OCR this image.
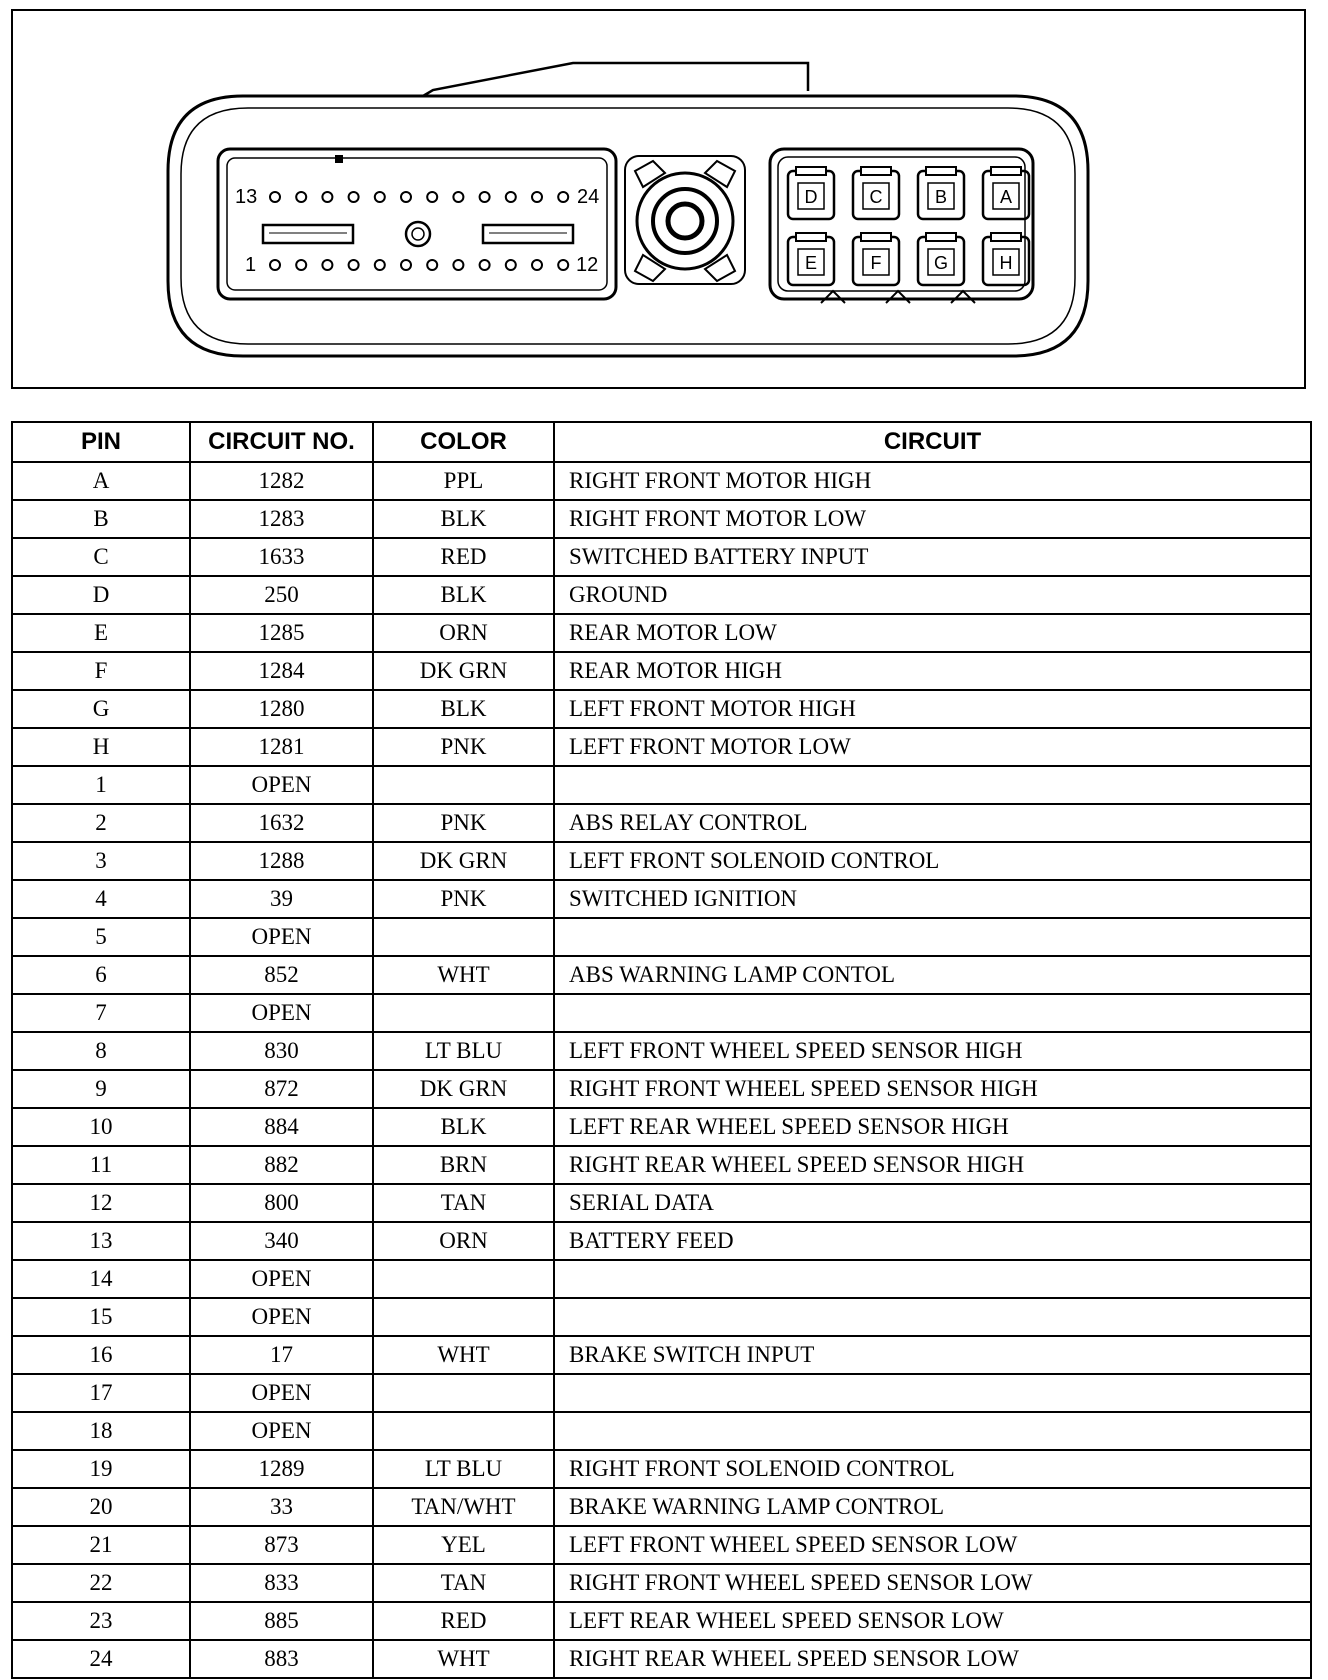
13	24
1	12
D	C	B	A
E	F	G	H
PIN	CIRCUIT NO.	COLOR	CIRCUIT
A	1282	PPL	RIGHT FRONT MOTOR HIGH
B	1283	BLK	RIGHT FRONT MOTOR LOW
C	1633	RED	SWITCHED BATTERY INPUT
D	250	BLK	GROUND
E	1285	ORN	REAR MOTOR LOW
F	1284	DK GRN	REAR MOTOR HIGH
G	1280	BLK	LEFT FRONT MOTOR HIGH
H	1281	PNK	LEFT FRONT MOTOR LOW
1	OPEN		
2	1632	PNK	ABS RELAY CONTROL
3	1288	DK GRN	LEFT FRONT SOLENOID CONTROL
4	39	PNK	SWITCHED IGNITION
5	OPEN		
6	852	WHT	ABS WARNING LAMP CONTOL
7	OPEN		
8	830	LT BLU	LEFT FRONT WHEEL SPEED SENSOR HIGH
9	872	DK GRN	RIGHT FRONT WHEEL SPEED SENSOR HIGH
10	884	BLK	LEFT REAR WHEEL SPEED SENSOR HIGH
11	882	BRN	RIGHT REAR WHEEL SPEED SENSOR HIGH
12	800	TAN	SERIAL DATA
13	340	ORN	BATTERY FEED
14	OPEN		
15	OPEN		
16	17	WHT	BRAKE SWITCH INPUT
17	OPEN		
18	OPEN		
19	1289	LT BLU	RIGHT FRONT SOLENOID CONTROL
20	33	TAN/WHT	BRAKE WARNING LAMP CONTROL
21	873	YEL	LEFT FRONT WHEEL SPEED SENSOR LOW
22	833	TAN	RIGHT FRONT WHEEL SPEED SENSOR LOW
23	885	RED	LEFT REAR WHEEL SPEED SENSOR LOW
24	883	WHT	RIGHT REAR WHEEL SPEED SENSOR LOW
